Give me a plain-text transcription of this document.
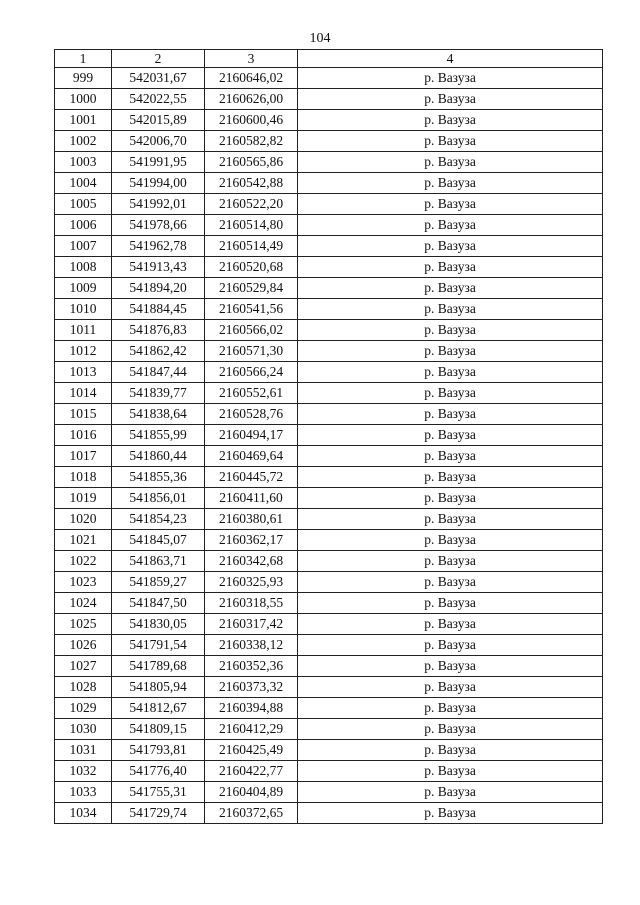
104
1	2	3	4
999	542031,67	2160646,02	р. Вазуза
1000	542022,55	2160626,00	р. Вазуза
1001	542015,89	2160600,46	р. Вазуза
1002	542006,70	2160582,82	р. Вазуза
1003	541991,95	2160565,86	р. Вазуза
1004	541994,00	2160542,88	р. Вазуза
1005	541992,01	2160522,20	р. Вазуза
1006	541978,66	2160514,80	р. Вазуза
1007	541962,78	2160514,49	р. Вазуза
1008	541913,43	2160520,68	р. Вазуза
1009	541894,20	2160529,84	р. Вазуза
1010	541884,45	2160541,56	р. Вазуза
1011	541876,83	2160566,02	р. Вазуза
1012	541862,42	2160571,30	р. Вазуза
1013	541847,44	2160566,24	р. Вазуза
1014	541839,77	2160552,61	р. Вазуза
1015	541838,64	2160528,76	р. Вазуза
1016	541855,99	2160494,17	р. Вазуза
1017	541860,44	2160469,64	р. Вазуза
1018	541855,36	2160445,72	р. Вазуза
1019	541856,01	2160411,60	р. Вазуза
1020	541854,23	2160380,61	р. Вазуза
1021	541845,07	2160362,17	р. Вазуза
1022	541863,71	2160342,68	р. Вазуза
1023	541859,27	2160325,93	р. Вазуза
1024	541847,50	2160318,55	р. Вазуза
1025	541830,05	2160317,42	р. Вазуза
1026	541791,54	2160338,12	р. Вазуза
1027	541789,68	2160352,36	р. Вазуза
1028	541805,94	2160373,32	р. Вазуза
1029	541812,67	2160394,88	р. Вазуза
1030	541809,15	2160412,29	р. Вазуза
1031	541793,81	2160425,49	р. Вазуза
1032	541776,40	2160422,77	р. Вазуза
1033	541755,31	2160404,89	р. Вазуза
1034	541729,74	2160372,65	р. Вазуза
